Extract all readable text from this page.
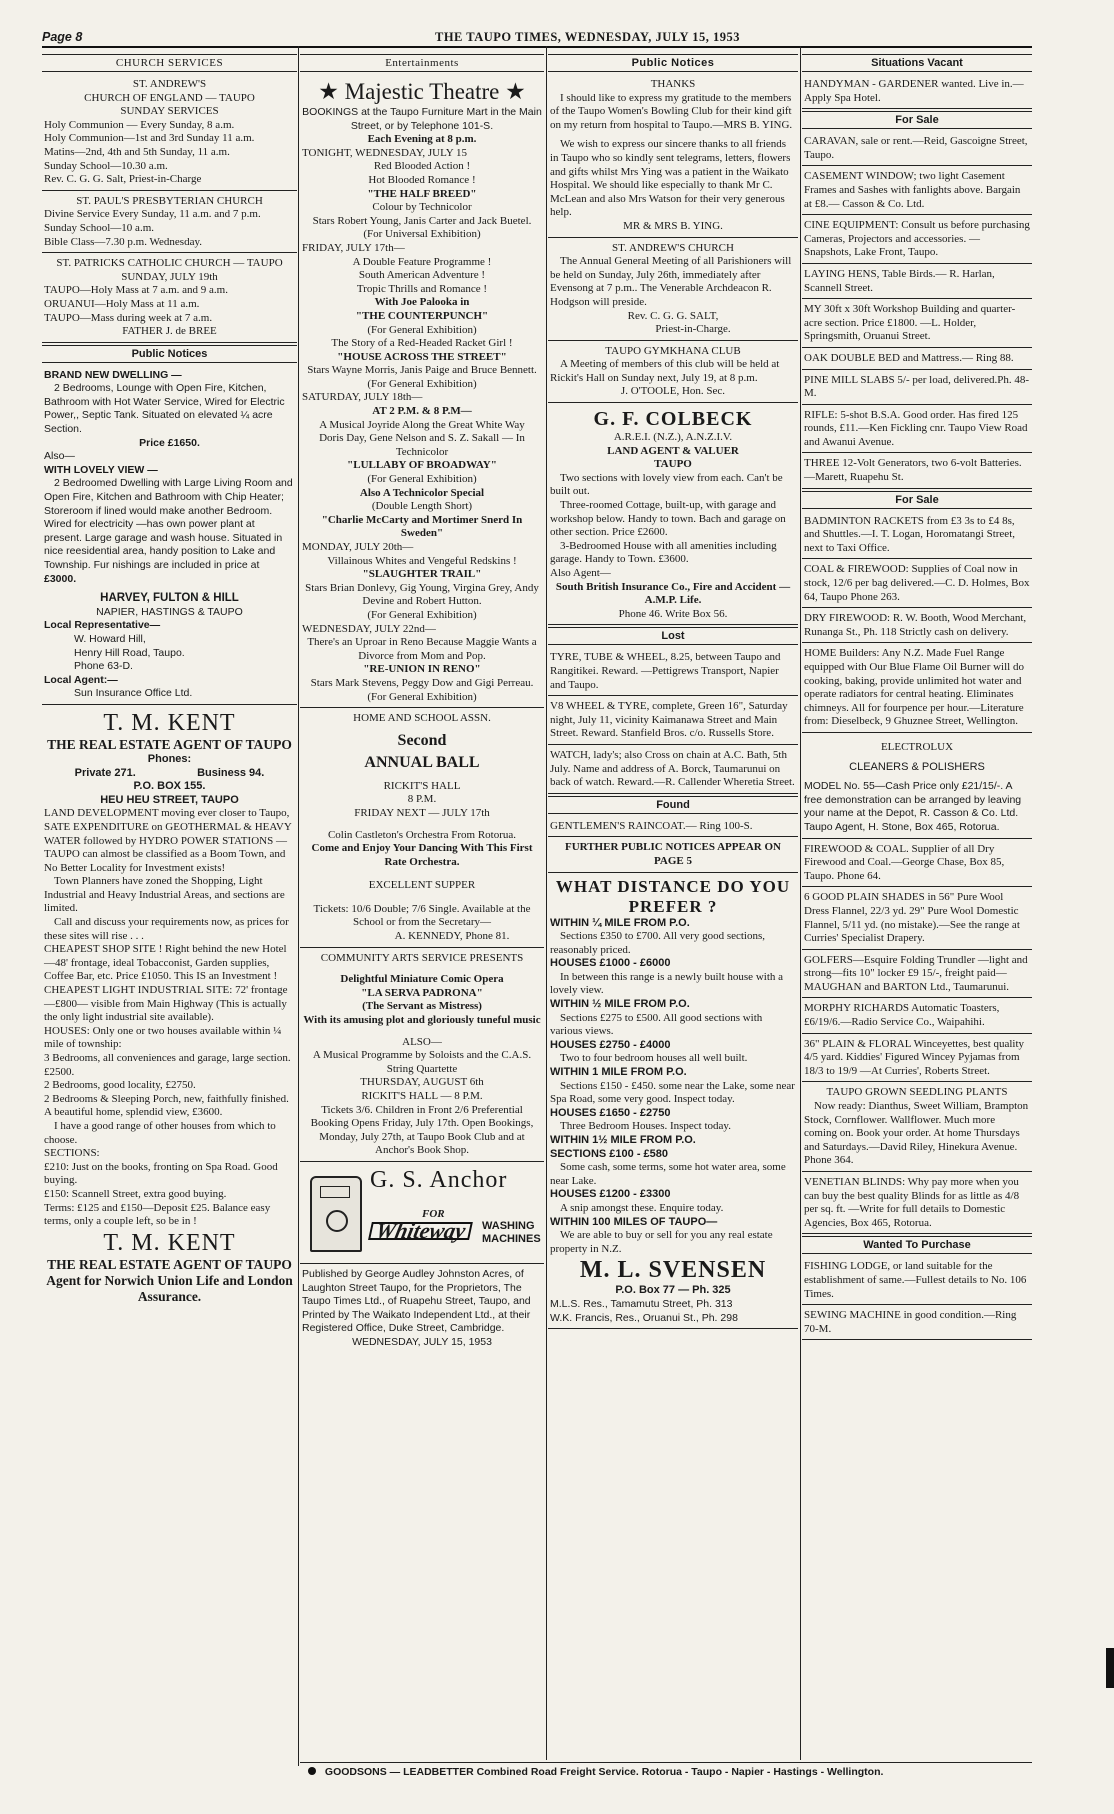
Page 8	THE TAUPO TIMES, WEDNESDAY, JULY 15, 1953
CHURCH SERVICES

ST. ANDREW'S

CHURCH OF ENGLAND — TAUPO

SUNDAY SERVICES

Holy Communion — Every Sunday, 8 a.m.

Holy Communion—1st and 3rd Sunday 11 a.m.

Matins—2nd, 4th and 5th Sunday, 11 a.m.

Sunday School—10.30 a.m.

Rev. C. G. G. Salt, Priest-in-Charge

ST. PAUL'S PRESBYTERIAN CHURCH

Divine Service Every Sunday, 11 a.m. and 7 p.m.

Sunday School—10 a.m.

Bible Class—7.30 p.m. Wednesday.

ST. PATRICKS CATHOLIC CHURCH — TAUPO

SUNDAY, JULY 19th

TAUPO—Holy Mass at 7 a.m. and 9 a.m.

ORUANUI—Holy Mass at 11 a.m.

TAUPO—Mass during week at 7 a.m.

FATHER J. de BREE

Public Notices

BRAND NEW DWELLING —

2 Bedrooms, Lounge with Open Fire, Kitchen, Bathroom with Hot Water Service, Wired for Electric Power,, Septic Tank. Situated on elevated ¼ acre Section.

Price £1650.

Also—

WITH LOVELY VIEW —

2 Bedroomed Dwelling with Large Living Room and Open Fire, Kitchen and Bathroom with Chip Heater; Storeroom if lined would make another Bedroom. Wired for electricity —has own power plant at present. Large garage and wash house. Situated in nice reesidential area, handy position to Lake and Township. Fur nishings are included in price at

£3000.

HARVEY, FULTON & HILL

NAPIER, HASTINGS & TAUPO

Local Representative—

W. Howard Hill,

Henry Hill Road, Taupo.

Phone 63-D.

Local Agent:—

Sun Insurance Office Ltd.

T. M. KENT

THE REAL ESTATE AGENT OF TAUPO

Phones:

Private 271.	Business 94.

P.O. BOX 155.

HEU HEU STREET, TAUPO

LAND DEVELOPMENT moving ever closer to Taupo, SATE EXPENDITURE on GEOTHERMAL & HEAVY WATER followed by HYDRO POWER STATIONS — TAUPO can almost be classified as a Boom Town, and No Better Locality for Investment exists!

Town Planners have zoned the Shopping, Light Industrial and Heavy Industrial Areas, and sections are limited.

Call and discuss your requirements now, as prices for these sites will rise . . .

CHEAPEST SHOP SITE ! Right behind the new Hotel—48' frontage, ideal Tobacconist, Garden supplies, Coffee Bar, etc. Price £1050. This IS an Investment !

CHEAPEST LIGHT INDUSTRIAL SITE: 72' frontage —£800— visible from Main Highway (This is actually the only light industrial site available).

HOUSES: Only one or two houses available within ¼ mile of township:

3 Bedrooms, all conveniences and garage, large section. £2500.

2 Bedrooms, good locality, £2750.

2 Bedrooms & Sleeping Porch, new, faithfully finished. A beautiful home, splendid view, £3600.

I have a good range of other houses from which to choose.

SECTIONS:

£210: Just on the books, fronting on Spa Road. Good buying.

£150: Scannell Street, extra good buying.

Terms: £125 and £150—Deposit £25. Balance easy terms, only a couple left, so be in !

T. M. KENT

THE REAL ESTATE AGENT OF TAUPO

Agent for Norwich Union Life and London Assurance.

Entertainments

★ Majestic Theatre ★

BOOKINGS at the Taupo Furniture Mart in the Main Street, or by Telephone 101-S.

Each Evening at 8 p.m.

TONIGHT, WEDNESDAY, JULY 15

Red Blooded Action !

Hot Blooded Romance !

"THE HALF BREED"

Colour by Technicolor

Stars Robert Young, Janis Carter and Jack Buetel.

(For Universal Exhibition)

FRIDAY, JULY 17th—

A Double Feature Programme !

South American Adventure !

Tropic Thrills and Romance !

With Joe Palooka in

"THE COUNTERPUNCH"

(For General Exhibition)

The Story of a Red-Headed Racket Girl !

"HOUSE ACROSS THE STREET"

Stars Wayne Morris, Janis Paige and Bruce Bennett.

(For General Exhibition)

SATURDAY, JULY 18th—

AT 2 P.M. & 8 P.M—

A Musical Joyride Along the Great White Way

Doris Day, Gene Nelson and S. Z. Sakall — In Technicolor

"LULLABY OF BROADWAY"

(For General Exhibition)

Also A Technicolor Special

(Double Length Short)

"Charlie McCarty and Mortimer Snerd In Sweden"

MONDAY, JULY 20th—

Villainous Whites and Vengeful Redskins !

"SLAUGHTER TRAIL"

Stars Brian Donlevy, Gig Young, Virgina Grey, Andy Devine and Robert Hutton.

(For General Exhibition)

WEDNESDAY, JULY 22nd—

There's an Uproar in Reno Because Maggie Wants a Divorce from Mom and Pop.

"RE-UNION IN RENO"

Stars Mark Stevens, Peggy Dow and Gigi Perreau.

(For General Exhibition)

HOME AND SCHOOL ASSN.

Second

ANNUAL BALL

RICKIT'S HALL

8 P.M.

FRIDAY NEXT — JULY 17th

Colin Castleton's Orchestra From Rotorua.

Come and Enjoy Your Dancing With This First Rate Orchestra.

EXCELLENT SUPPER

Tickets: 10/6 Double; 7/6 Single. Available at the School or from the Secretary—

A. KENNEDY, Phone 81.

COMMUNITY ARTS SERVICE PRESENTS

Delightful Miniature Comic Opera

"LA SERVA PADRONA"

(The Servant as Mistress)

With its amusing plot and gloriously tuneful music

ALSO—

A Musical Programme by Soloists and the C.A.S. String Quartette

THURSDAY, AUGUST 6th

RICKIT'S HALL — 8 P.M.

Tickets 3/6. Children in Front 2/6 Preferential Booking Opens Friday, July 17th. Open Bookings, Monday, July 27th, at Taupo Book Club and at Anchor's Book Shop.

G. S. Anchor
FOR
Whiteway	WASHING
MACHINES

Published by George Audley Johnston Acres, of Laughton Street Taupo, for the Proprietors, The Taupo Times Ltd., of Ruapehu Street, Taupo, and Printed by The Waikato Independent Ltd., at their Registered Office, Duke Street, Cambridge.

WEDNESDAY, JULY 15, 1953

Public Notices

THANKS

I should like to express my gratitude to the members of the Taupo Women's Bowling Club for their kind gift on my return from hospital to Taupo.—MRS B. YING.

We wish to express our sincere thanks to all friends in Taupo who so kindly sent telegrams, letters, flowers and gifts whilst Mrs Ying was a patient in the Waikato Hospital. We should like especially to thank Mr C. McLean and also Mrs Watson for their very generous help.

MR & MRS B. YING.

ST. ANDREW'S CHURCH

The Annual General Meeting of all Parishioners will be held on Sunday, July 26th, immediately after Evensong at 7 p.m.. The Venerable Archdeacon R. Hodgson will preside.

Rev. C. G. G. SALT,

Priest-in-Charge.

TAUPO GYMKHANA CLUB

A Meeting of members of this club will be held at Rickit's Hall on Sunday next, July 19, at 8 p.m.

J. O'TOOLE, Hon. Sec.

G. F. COLBECK

A.R.E.I. (N.Z.), A.N.Z.I.V.

LAND AGENT & VALUER

TAUPO

Two sections with lovely view from each. Can't be built out.

Three-roomed Cottage, built-up, with garage and workshop below. Handy to town. Bach and garage on other section. Price £2600.

3-Bedroomed House with all amenities including garage. Handy to Town. £3600.

Also Agent—

South British Insurance Co., Fire and Accident — A.M.P. Life.

Phone 46. Write Box 56.

Lost
TYRE, TUBE & WHEEL, 8.25, between Taupo and Rangitikei. Reward. —Pettigrews Transport, Napier and Taupo.
V8 WHEEL & TYRE, complete, Green 16", Saturday night, July 11, vicinity Kaimanawa Street and Main Street. Reward. Stanfield Bros. c/o. Russells Store.
WATCH, lady's; also Cross on chain at A.C. Bath, 5th July. Name and address of A. Borck, Taumarunui on back of watch. Reward.—R. Callender Wheretia Street.
Found
GENTLEMEN'S RAINCOAT.— Ring 100-S.
FURTHER PUBLIC NOTICES APPEAR ON PAGE 5

WHAT DISTANCE DO YOU PREFER ?

WITHIN ¼ MILE FROM P.O.

Sections £350 to £700. All very good sections, reasonably priced.

HOUSES £1000 - £6000

In between this range is a newly built house with a lovely view.

WITHIN ½ MILE FROM P.O.

Sections £275 to £500. All good sections with various views.

HOUSES £2750 - £4000

Two to four bedroom houses all well built.

WITHIN 1 MILE FROM P.O.

Sections £150 - £450. some near the Lake, some near Spa Road, some very good. Inspect today.

HOUSES £1650 - £2750

Three Bedroom Houses. Inspect today.

WITHIN 1½ MILE FROM P.O.

SECTIONS £100 - £580

Some cash, some terms, some hot water area, some near Lake.

HOUSES £1200 - £3300

A snip amongst these. Enquire today.

WITHIN 100 MILES OF TAUPO—

We are able to buy or sell for you any real estate property in N.Z.

M. L. SVENSEN

P.O. Box 77 — Ph. 325

M.L.S. Res., Tamamutu Street, Ph. 313

W.K. Francis, Res., Oruanui St., Ph. 298

Situations Vacant
HANDYMAN - GARDENER wanted. Live in.—Apply Spa Hotel.
For Sale
CARAVAN, sale or rent.—Reid, Gascoigne Street, Taupo.
CASEMENT WINDOW; two light Casement Frames and Sashes with fanlights above. Bargain at £8.— Casson & Co. Ltd.
CINE EQUIPMENT: Consult us before purchasing Cameras, Projectors and accessories. — Snapshots, Lake Front, Taupo.
LAYING HENS, Table Birds.— R. Harlan, Scannell Street.
MY 30ft x 30ft Workshop Building and quarter-acre section. Price £1800. —L. Holder, Springsmith, Oruanui Street.
OAK DOUBLE BED and Mattress.— Ring 88.
PINE MILL SLABS 5/- per load, delivered.Ph. 48-M.
RIFLE: 5-shot B.S.A. Good order. Has fired 125 rounds, £11.—Ken Fickling cnr. Taupo View Road and Awanui Avenue.
THREE 12-Volt Generators, two 6-volt Batteries.—Marett, Ruapehu St.
For Sale
BADMINTON RACKETS from £3 3s to £4 8s, and Shuttles.—I. T. Logan, Horomatangi Street, next to Taxi Office.
COAL & FIREWOOD: Supplies of Coal now in stock, 12/6 per bag delivered.—C. D. Holmes, Box 64, Taupo Phone 263.
DRY FIREWOOD: R. W. Booth, Wood Merchant, Runanga St., Ph. 118 Strictly cash on delivery.
HOME Builders: Any N.Z. Made Fuel Range equipped with Our Blue Flame Oil Burner will do cooking, baking, provide unlimited hot water and operate radiators for central heating. Eliminates chimneys. All for fourpence per hour.—Literature from: Dieselbeck, 9 Ghuznee Street, Wellington.

ELECTROLUX

CLEANERS & POLISHERS

MODEL No. 55—Cash Price only £21/15/-. A free demonstration can be arranged by leaving your name at the Depot, R. Casson & Co. Ltd. Taupo Agent, H. Stone, Box 465, Rotorua.

FIREWOOD & COAL. Supplier of all Dry Firewood and Coal.—George Chase, Box 85, Taupo. Phone 64.
6 GOOD PLAIN SHADES in 56" Pure Wool Dress Flannel, 22/3 yd. 29" Pure Wool Domestic Flannel, 5/11 yd. (no mistake).—See the range at Curries' Specialist Drapery.
GOLFERS—Esquire Folding Trundler —light and strong—fits 10" locker £9 15/-, freight paid—MAUGHAN and BARTON Ltd., Taumarunui.
MORPHY RICHARDS Automatic Toasters, £6/19/6.—Radio Service Co., Waipahihi.
36" PLAIN & FLORAL Winceyettes, best quality 4/5 yard. Kiddies' Figured Wincey Pyjamas from 18/3 to 19/9 —At Curries', Roberts Street.

TAUPO GROWN SEEDLING PLANTS

Now ready: Dianthus, Sweet William, Brampton Stock, Cornflower. Wallflower. Much more coming on. Book your order. At home Thursdays and Saturdays.—David Riley, Hinekura Avenue. Phone 364.

VENETIAN BLINDS: Why pay more when you can buy the best quality Blinds for as little as 4/8 per sq. ft. —Write for full details to Domestic Agencies, Box 465, Rotorua.
Wanted To Purchase
FISHING LODGE, or land suitable for the establishment of same.—Fullest details to No. 106 Times.
SEWING MACHINE in good condition.—Ring 70-M.
GOODSONS — LEADBETTER Combined Road Freight Service. Rotorua - Taupo - Napier - Hastings - Wellington.
